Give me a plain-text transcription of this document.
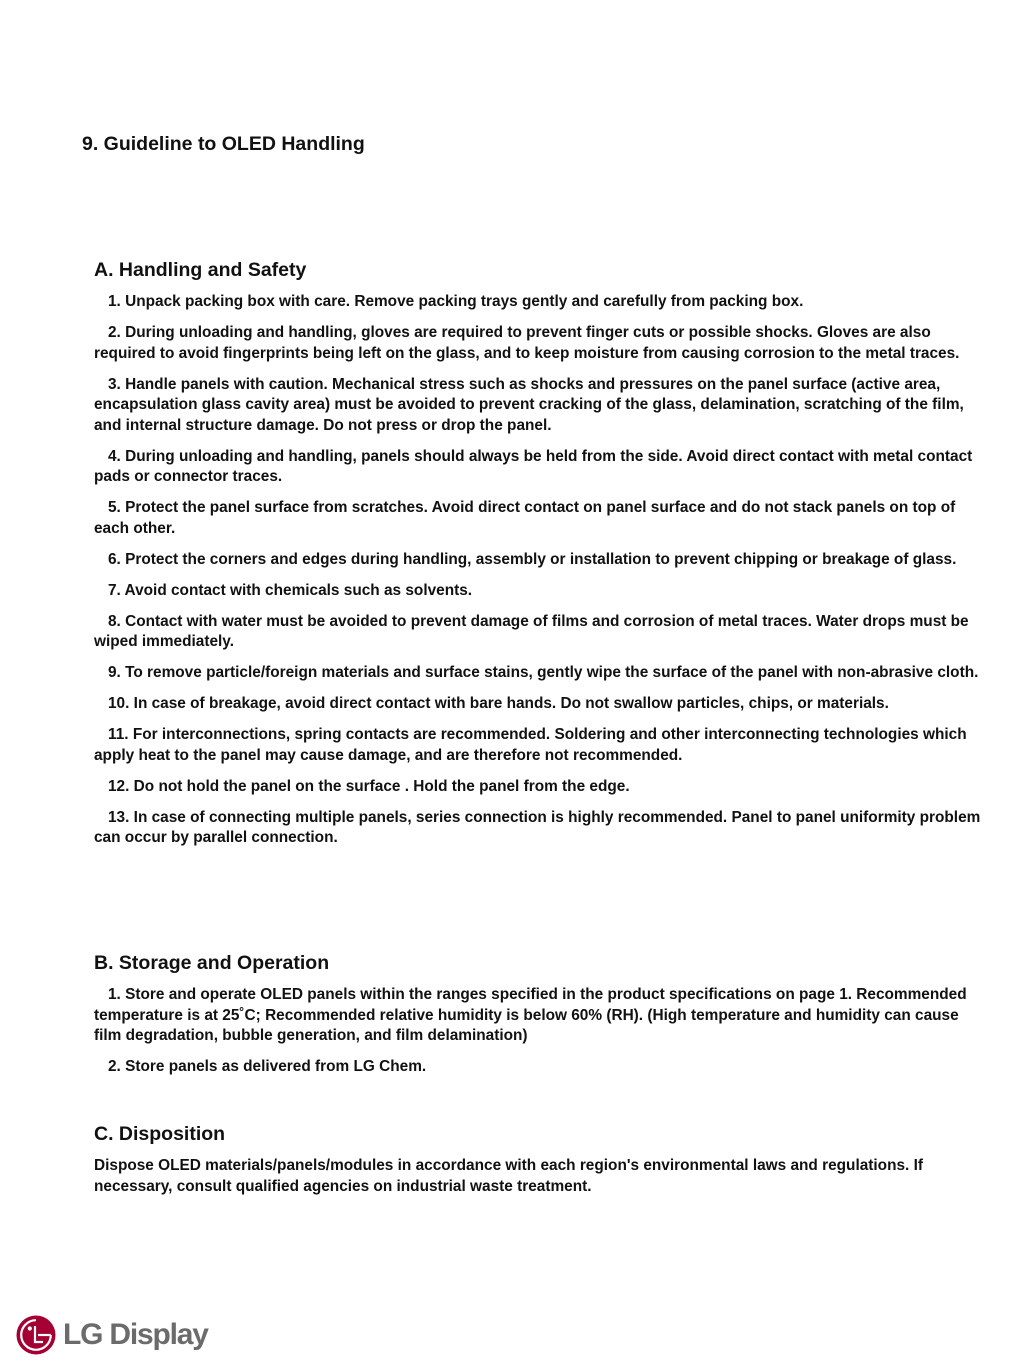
9. Guideline to OLED Handling
A. Handling and Safety

1. Unpack packing box with care. Remove packing trays gently and carefully from packing box.

2. During unloading and handling, gloves are required to prevent finger cuts or possible shocks. Gloves are also required to avoid fingerprints being left on the glass, and to keep moisture from causing corrosion to the metal traces.

3. Handle panels with caution. Mechanical stress such as shocks and pressures on the panel surface (active area, encapsulation glass cavity area) must be avoided to prevent cracking of the glass, delamination, scratching of the film, and internal structure damage. Do not press or drop the panel.

4. During unloading and handling, panels should always be held from the side. Avoid direct contact with metal contact pads or connector traces.

5. Protect the panel surface from scratches. Avoid direct contact on panel surface and do not stack panels on top of each other.

6. Protect the corners and edges during handling, assembly or installation to prevent chipping or breakage of glass.

7. Avoid contact with chemicals such as solvents.

8. Contact with water must be avoided to prevent damage of films and corrosion of metal traces. Water drops must be wiped immediately.

9. To remove particle/foreign materials and surface stains, gently wipe the surface of the panel with non-abrasive cloth.

10. In case of breakage, avoid direct contact with bare hands. Do not swallow particles, chips, or materials.

11. For interconnections, spring contacts are recommended. Soldering and other interconnecting technologies which apply heat to the panel may cause damage, and are therefore not recommended.

12. Do not hold the panel on the surface . Hold the panel from the edge.

13. In case of connecting multiple panels, series connection is highly recommended. Panel to panel uniformity problem can occur by parallel connection.

B. Storage and Operation

1. Store and operate OLED panels within the ranges specified in the product specifications on page 1. Recommended temperature is at 25˚C; Recommended relative humidity is below 60% (RH). (High temperature and humidity can cause film degradation, bubble generation, and film delamination)

2. Store panels as delivered from LG Chem.

C. Disposition

Dispose OLED materials/panels/modules in accordance with each region's environmental laws and regulations. If necessary, consult qualified agencies on industrial waste treatment.

LG Display
